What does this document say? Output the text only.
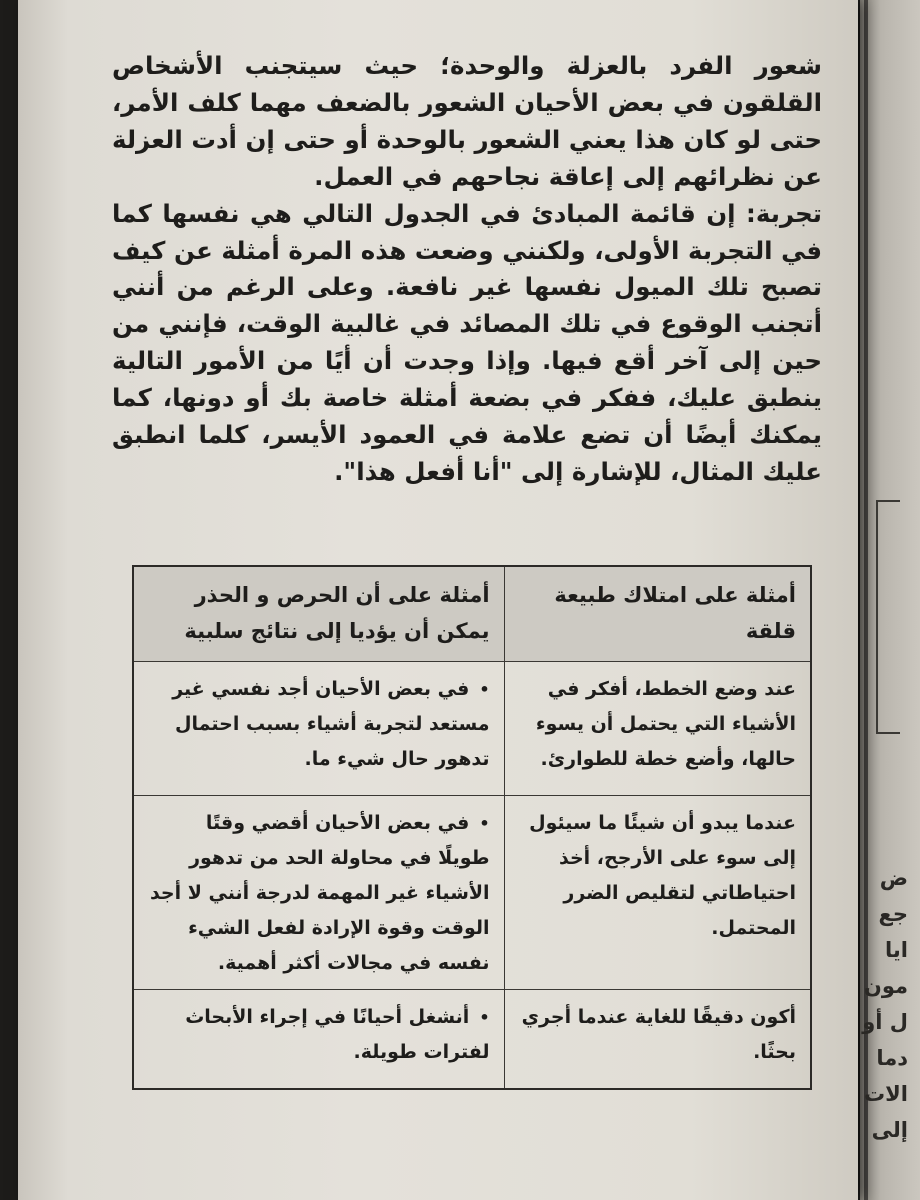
شعور الفرد بالعزلة والوحدة؛ حيث سيتجنب الأشخاص القلقون في بعض الأحيان الشعور بالضعف مهما كلف الأمر، حتى لو كان هذا يعني الشعور بالوحدة أو حتى إن أدت العزلة عن نظرائهم إلى إعاقة نجاحهم في العمل.

تجربة: إن قائمة المبادئ في الجدول التالي هي نفسها كما في التجربة الأولى، ولكنني وضعت هذه المرة أمثلة عن كيف تصبح تلك الميول نفسها غير نافعة. وعلى الرغم من أنني أتجنب الوقوع في تلك المصائد في غالبية الوقت، فإنني من حين إلى آخر أقع فيها. وإذا وجدت أن أيًا من الأمور التالية ينطبق عليك، ففكر في بضعة أمثلة خاصة بك أو دونها، كما يمكنك أيضًا أن تضع علامة في العمود الأيسر، كلما انطبق عليك المثال، للإشارة إلى "أنا أفعل هذا".

أمثلة على امتلاك طبيعة قلقة	أمثلة على أن الحرص و الحذر يمكن أن يؤديا إلى نتائج سلبية
عند وضع الخطط، أفكر في الأشياء التي يحتمل أن يسوء حالها، وأضع خطة للطوارئ.	•في بعض الأحيان أجد نفسي غير مستعد لتجربة أشياء بسبب احتمال تدهور حال شيء ما.
عندما يبدو أن شيئًا ما سيئول إلى سوء على الأرجح، أخذ احتياطاتي لتقليص الضرر المحتمل.	•في بعض الأحيان أقضي وقتًا طويلًا في محاولة الحد من تدهور الأشياء غير المهمة لدرجة أنني لا أجد الوقت وقوة الإرادة لفعل الشيء نفسه في مجالات أكثر أهمية.
أكون دقيقًا للغاية عندما أجري بحثًا.	•أنشغل أحيانًا في إجراء الأبحاث لفترات طويلة.
ض
جع
ايا
مون
ل أو
دما
الات
إلى
